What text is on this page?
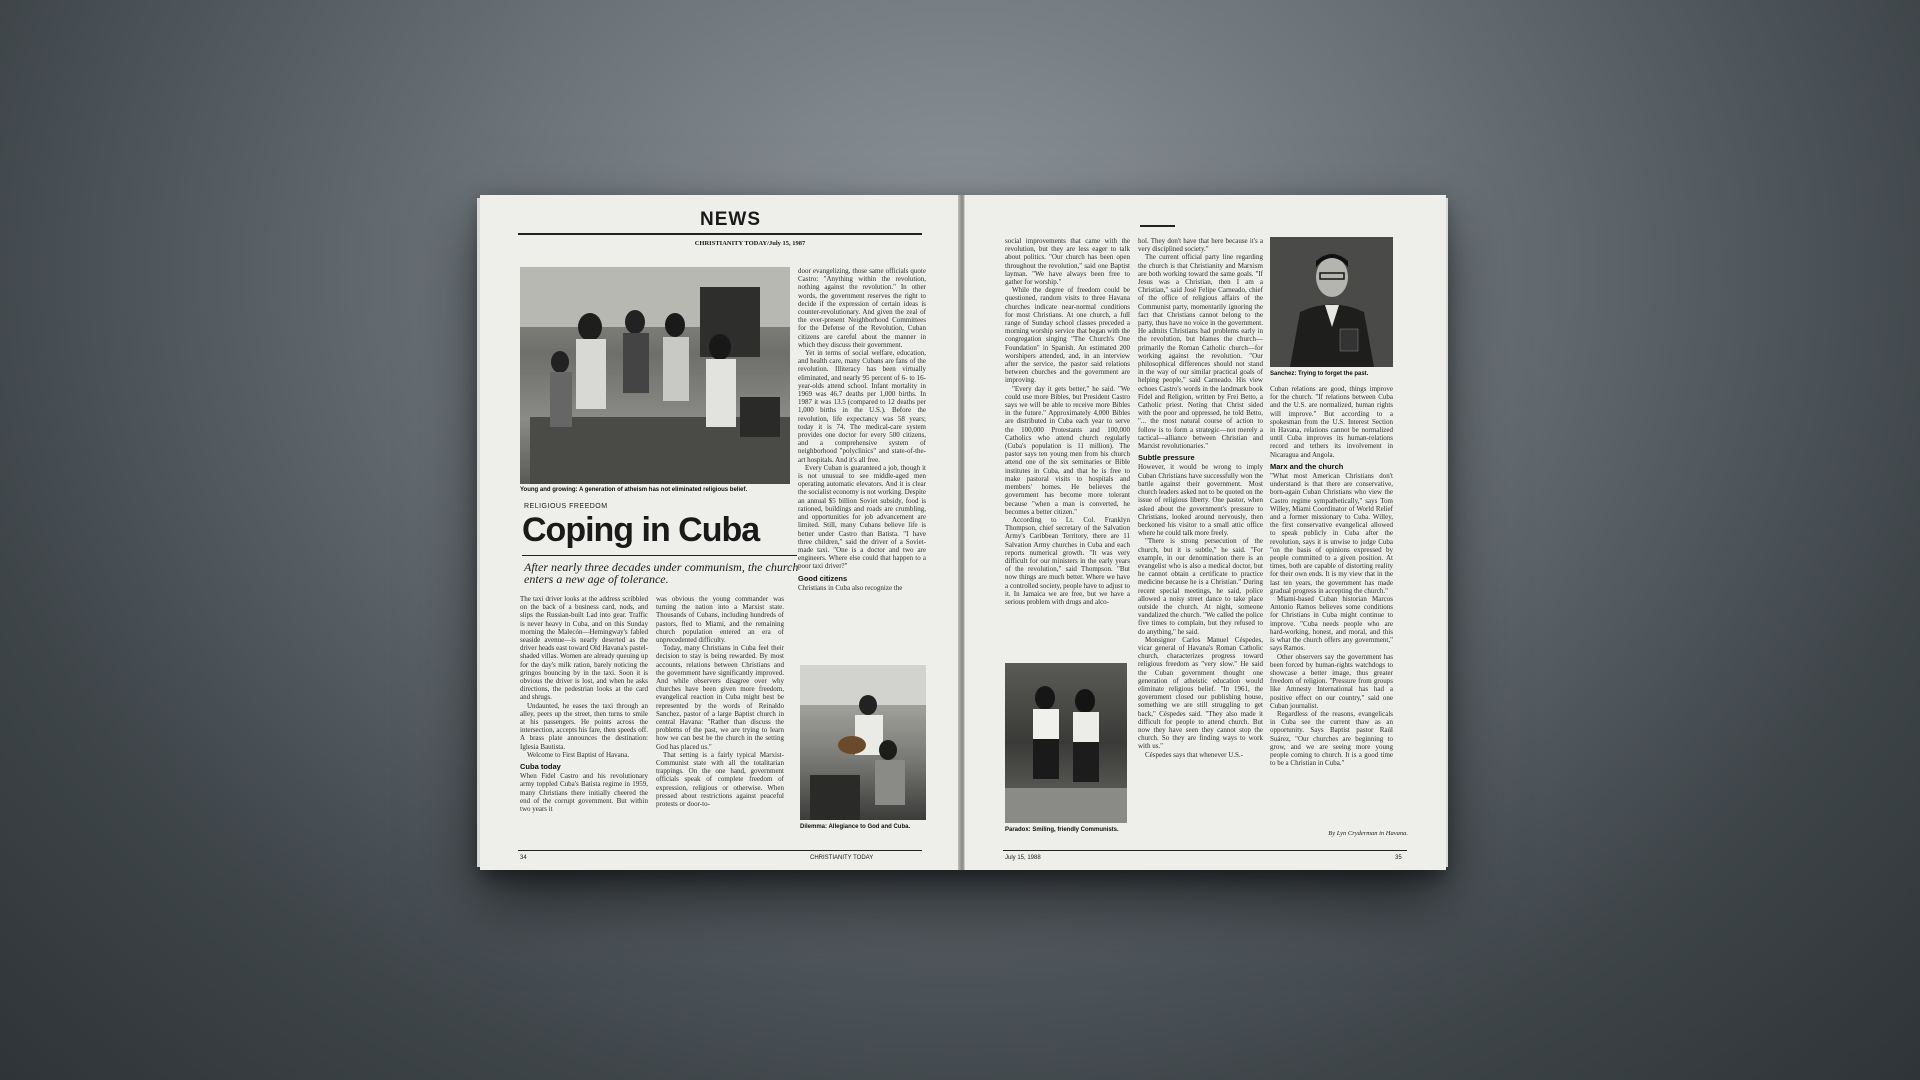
NEWS
CHRISTIANITY TODAY/July 15, 1987
Young and growing: A generation of atheism has not eliminated religious belief.
RELIGIOUS FREEDOM
Coping in Cuba
After nearly three decades under communism, the church enters a new age of tolerance.

The taxi driver looks at the address scribbled on the back of a business card, nods, and slips the Russian-built Lad into gear. Traffic is never heavy in Cuba, and on this Sunday morning the Malecón—Hemingway's fabled seaside avenue—is nearly deserted as the driver heads east toward Old Havana's pastel-shaded villas. Women are already queuing up for the day's milk ration, barely noticing the gringos bouncing by in the taxi. Soon it is obvious the driver is lost, and when he asks directions, the pedestrian looks at the card and shrugs.

Undaunted, he eases the taxi through an alley, peers up the street, then turns to smile at his passengers. He points across the intersection, accepts his fare, then speeds off. A brass plate announces the destination: Iglesia Bautista.

Welcome to First Baptist of Havana.

Cuba today

When Fidel Castro and his revolutionary army toppled Cuba's Batista regime in 1959, many Christians there initially cheered the end of the corrupt government. But within two years it

was obvious the young commander was turning the nation into a Marxist state. Thousands of Cubans, including hundreds of pastors, fled to Miami, and the remaining church population entered an era of unprecedented difficulty.

Today, many Christians in Cuba feel their decision to stay is being rewarded. By most accounts, relations between Christians and the government have significantly improved. And while observers disagree over why churches have been given more freedom, evangelical reaction in Cuba might best be represented by the words of Reinaldo Sanchez, pastor of a large Baptist church in central Havana: "Rather than discuss the problems of the past, we are trying to learn how we can best be the church in the setting God has placed us."

That setting is a fairly typical Marxist-Communist state with all the totalitarian trappings. On the one hand, government officials speak of complete freedom of expression, religious or otherwise. When pressed about restrictions against peaceful protests or door-to-

door evangelizing, those same officials quote Castro: "Anything within the revolution, nothing against the revolution." In other words, the government reserves the right to decide if the expression of certain ideas is counter-revolutionary. And given the zeal of the ever-present Neighborhood Committees for the Defense of the Revolution, Cuban citizens are careful about the manner in which they discuss their government.

Yet in terms of social welfare, education, and health care, many Cubans are fans of the revolution. Illiteracy has been virtually eliminated, and nearly 95 percent of 6- to 16-year-olds attend school. Infant mortality in 1969 was 46.7 deaths per 1,000 births. In 1987 it was 13.5 (compared to 12 deaths per 1,000 births in the U.S.). Before the revolution, life expectancy was 58 years; today it is 74. The medical-care system provides one doctor for every 500 citizens, and a comprehensive system of neighborhood "polyclinics" and state-of-the-art hospitals. And it's all free.

Every Cuban is guaranteed a job, though it is not unusual to see middle-aged men operating automatic elevators. And it is clear the socialist economy is not working. Despite an annual $5 billion Soviet subsidy, food is rationed, buildings and roads are crumbling, and opportunities for job advancement are limited. Still, many Cubans believe life is better under Castro than Batista. "I have three children," said the driver of a Soviet-made taxi. "One is a doctor and two are engineers. Where else could that happen to a poor taxi driver?"

Good citizens

Christians in Cuba also recognize the

Dilemma: Allegiance to God and Cuba.
34	CHRISTIANITY TODAY

social improvements that came with the revolution, but they are less eager to talk about politics. "Our church has been open throughout the revolution," said one Baptist layman. "We have always been free to gather for worship."

While the degree of freedom could be questioned, random visits to three Havana churches indicate near-normal conditions for most Christians. At one church, a full range of Sunday school classes preceded a morning worship service that began with the congregation singing "The Church's One Foundation" in Spanish. An estimated 200 worshipers attended, and, in an interview after the service, the pastor said relations between churches and the government are improving.

"Every day it gets better," he said. "We could use more Bibles, but President Castro says we will be able to receive more Bibles in the future." Approximately 4,000 Bibles are distributed in Cuba each year to serve the 100,000 Protestants and 100,000 Catholics who attend church regularly (Cuba's population is 11 million). The pastor says ten young men from his church attend one of the six seminaries or Bible institutes in Cuba, and that he is free to make pastoral visits to hospitals and members' homes. He believes the government has become more tolerant because "when a man is converted, he becomes a better citizen."

According to Lt. Col. Franklyn Thompson, chief secretary of the Salvation Army's Caribbean Territory, there are 11 Salvation Army churches in Cuba and each reports numerical growth. "It was very difficult for our ministers in the early years of the revolution," said Thompson. "But now things are much better. Where we have a controlled society, people have to adjust to it. In Jamaica we are free, but we have a serious problem with drugs and alco-

Paradox: Smiling, friendly Communists.

hol. They don't have that here because it's a very disciplined society."

The current official party line regarding the church is that Christianity and Marxism are both working toward the same goals. "If Jesus was a Christian, then I am a Christian," said José Felipe Carneado, chief of the office of religious affairs of the Communist party, momentarily ignoring the fact that Christians cannot belong to the party, thus have no voice in the government. He admits Christians had problems early in the revolution, but blames the church—primarily the Roman Catholic church—for working against the revolution. "Our philosophical differences should not stand in the way of our similar practical goals of helping people," said Carneado. His view echoes Castro's words in the landmark book Fidel and Religion, written by Frei Betto, a Catholic priest. Noting that Christ sided with the poor and oppressed, he told Betto, "... the most natural course of action to follow is to form a strategic—not merely a tactical—alliance between Christian and Marxist revolutionaries."

Subtle pressure

However, it would be wrong to imply Cuban Christians have successfully won the battle against their government. Most church leaders asked not to be quoted on the issue of religious liberty. One pastor, when asked about the government's pressure to Christians, looked around nervously, then beckoned his visitor to a small attic office where he could talk more freely.

"There is strong persecution of the church, but it is subtle," he said. "For example, in our denomination there is an evangelist who is also a medical doctor, but he cannot obtain a certificate to practice medicine because he is a Christian." During recent special meetings, he said, police allowed a noisy street dance to take place outside the church. At night, someone vandalized the church. "We called the police five times to complain, but they refused to do anything," he said.

Monsignor Carlos Manuel Céspedes, vicar general of Havana's Roman Catholic church, characterizes progress toward religious freedom as "very slow." He said the Cuban government thought one generation of atheistic education would eliminate religious belief. "In 1961, the government closed our publishing house, something we are still struggling to get back," Céspedes said. "They also made it difficult for people to attend church. But now they have seen they cannot stop the church. So they are finding ways to work with us."

Céspedes says that whenever U.S.-

Sanchez: Trying to forget the past.

Cuban relations are good, things improve for the church. "If relations between Cuba and the U.S. are normalized, human rights will improve." But according to a spokesman from the U.S. Interest Section in Havana, relations cannot be normalized until Cuba improves its human-relations record and tethers its involvement in Nicaragua and Angola.

Marx and the church

"What most American Christians don't understand is that there are conservative, born-again Cuban Christians who view the Castro regime sympathetically," says Tom Willey, Miami Coordinator of World Relief and a former missionary to Cuba. Willey, the first conservative evangelical allowed to speak publicly in Cuba after the revolution, says it is unwise to judge Cuba "on the basis of opinions expressed by people committed to a given position. At times, both are capable of distorting reality for their own ends. It is my view that in the last ten years, the government has made gradual progress in accepting the church."

Miami-based Cuban historian Marcos Antonio Ramos believes some conditions for Christians in Cuba might continue to improve. "Cuba needs people who are hard-working, honest, and moral, and this is what the church offers any government," says Ramos.

Other observers say the government has been forced by human-rights watchdogs to showcase a better image, thus greater freedom of religion. "Pressure from groups like Amnesty International has had a positive effect on our country," said one Cuban journalist.

Regardless of the reasons, evangelicals in Cuba see the current thaw as an opportunity. Says Baptist pastor Raúl Suárez, "Our churches are beginning to grow, and we are seeing more young people coming to church. It is a good time to be a Christian in Cuba."

By Lyn Cryderman in Havana.
July 15, 1988	35
